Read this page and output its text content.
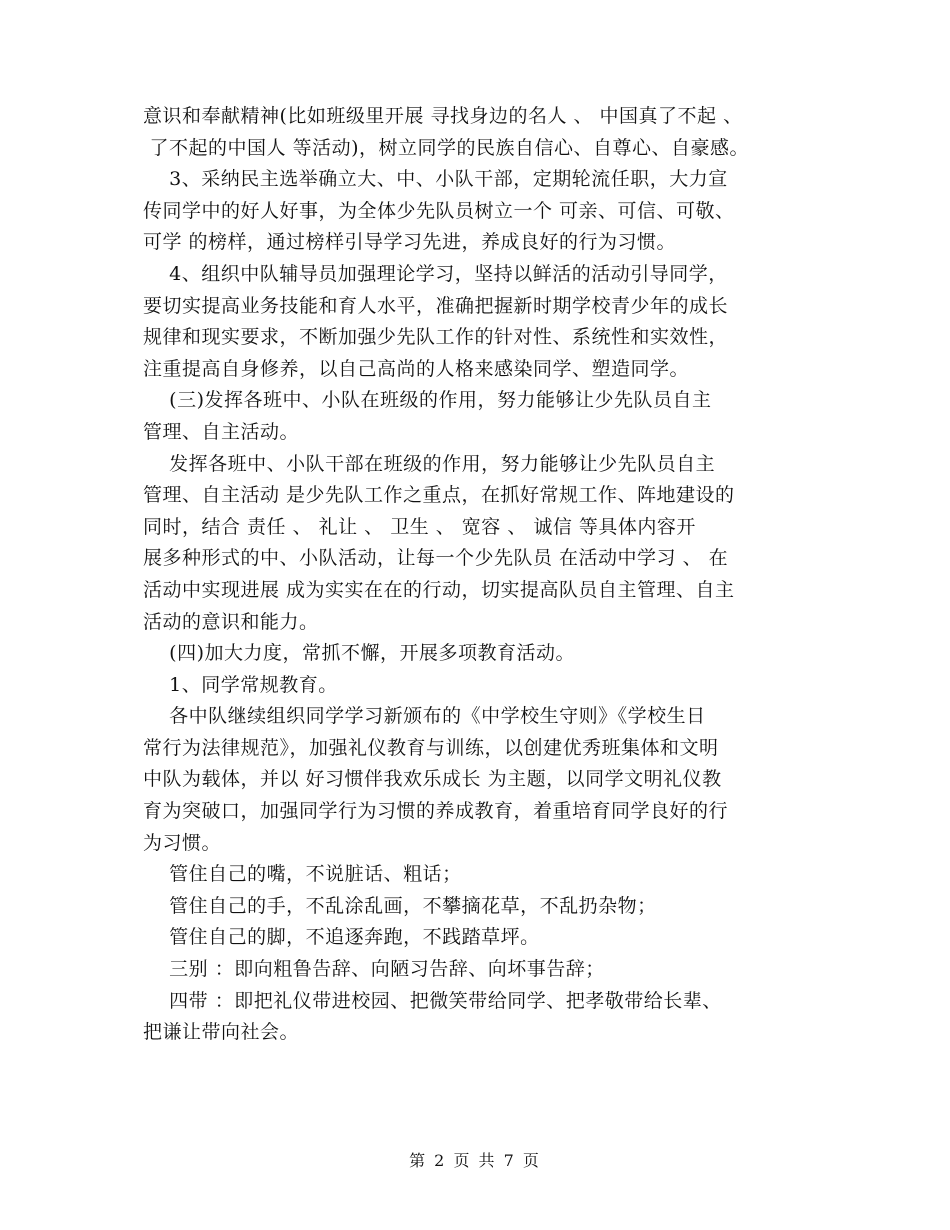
意识和奉献精神(比如班级里开展 寻找身边的名人 、 中国真了不起 、
了不起的中国人 等活动)，树立同学的民族自信心、自尊心、自豪感。
3、采纳民主选举确立大、中、小队干部，定期轮流任职，大力宣
传同学中的好人好事，为全体少先队员树立一个 可亲、可信、可敬、
可学 的榜样，通过榜样引导学习先进，养成良好的行为习惯。
4、组织中队辅导员加强理论学习，坚持以鲜活的活动引导同学，
要切实提高业务技能和育人水平，准确把握新时期学校青少年的成长
规律和现实要求，不断加强少先队工作的针对性、系统性和实效性，
注重提高自身修养，以自己高尚的人格来感染同学、塑造同学。
(三)发挥各班中、小队在班级的作用，努力能够让少先队员自主
管理、自主活动。
发挥各班中、小队干部在班级的作用，努力能够让少先队员自主
管理、自主活动 是少先队工作之重点，在抓好常规工作、阵地建设的
同时，结合 责任 、 礼让 、 卫生 、 宽容 、 诚信 等具体内容开
展多种形式的中、小队活动，让每一个少先队员 在活动中学习 、 在
活动中实现进展 成为实实在在的行动，切实提高队员自主管理、自主
活动的意识和能力。
(四)加大力度，常抓不懈，开展多项教育活动。
1、同学常规教育。
各中队继续组织同学学习新颁布的《中学校生守则》《学校生日
常行为法律规范》，加强礼仪教育与训练，以创建优秀班集体和文明
中队为载体，并以 好习惯伴我欢乐成长 为主题，以同学文明礼仪教
育为突破口，加强同学行为习惯的养成教育，着重培育同学良好的行
为习惯。
管住自己的嘴，不说脏话、粗话；
管住自己的手，不乱涂乱画，不攀摘花草，不乱扔杂物；
管住自己的脚，不追逐奔跑，不践踏草坪。
三别 ：即向粗鲁告辞、向陋习告辞、向坏事告辞；
四带 ：即把礼仪带进校园、把微笑带给同学、把孝敬带给长辈、
把谦让带向社会。
第 2 页 共 7 页
